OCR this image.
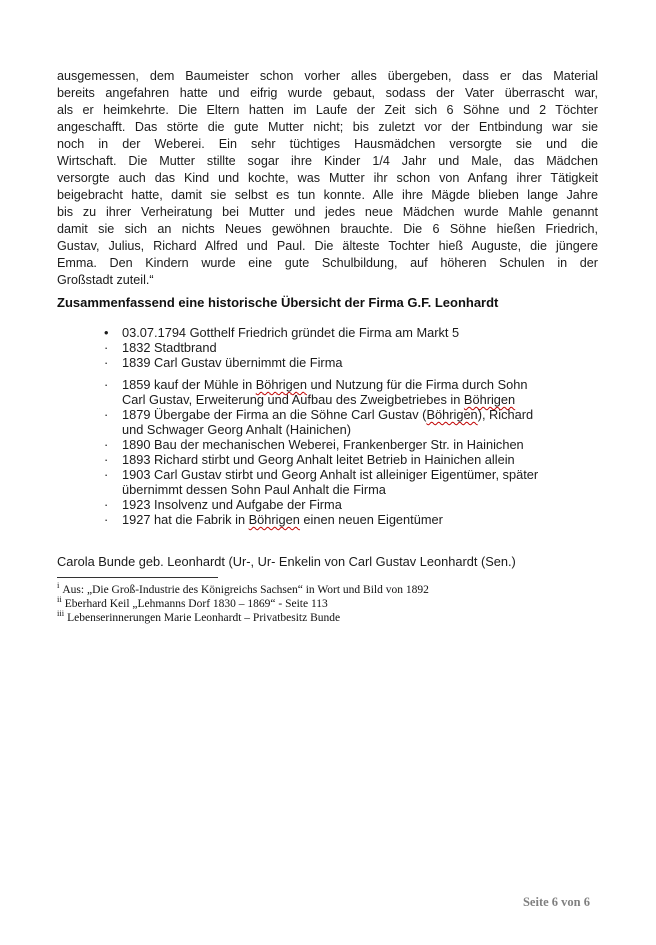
ausgemessen, dem Baumeister schon vorher alles übergeben, dass er das Material
bereits angefahren hatte und eifrig wurde gebaut, sodass der Vater überrascht war,
als er heimkehrte. Die Eltern hatten im Laufe der Zeit sich 6 Söhne und 2 Töchter
angeschafft. Das störte die gute Mutter nicht; bis zuletzt vor der Entbindung war sie
noch in der Weberei. Ein sehr tüchtiges Hausmädchen versorgte sie und die
Wirtschaft. Die Mutter stillte sogar ihre Kinder 1/4 Jahr und Male, das Mädchen
versorgte auch das Kind und kochte, was Mutter ihr schon von Anfang ihrer Tätigkeit
beigebracht hatte, damit sie selbst es tun konnte. Alle ihre Mägde blieben lange Jahre
bis zu ihrer Verheiratung bei Mutter und jedes neue Mädchen wurde Mahle genannt
damit sie sich an nichts Neues gewöhnen brauchte. Die 6 Söhne hießen Friedrich,
Gustav, Julius, Richard Alfred und Paul. Die älteste Tochter hieß Auguste, die jüngere
Emma. Den Kindern wurde eine gute Schulbildung, auf höheren Schulen in der
Großstadt zuteil.“
Zusammenfassend eine historische Übersicht der Firma G.F. Leonhardt
•	03.07.1794 Gotthelf Friedrich gründet die Firma am Markt 5
·	1832 Stadtbrand
·	1839 Carl Gustav übernimmt die Firma
·	1859 kauf der Mühle in Böhrigen und Nutzung für die Firma durch Sohn
Carl Gustav, Erweiterung und Aufbau des Zweigbetriebes in Böhrigen
·	1879 Übergabe der Firma an die Söhne Carl Gustav (Böhrigen), Richard
und Schwager Georg Anhalt (Hainichen)
·	1890 Bau der mechanischen Weberei, Frankenberger Str. in Hainichen
·	1893 Richard stirbt und Georg Anhalt leitet Betrieb in Hainichen allein
·	1903 Carl Gustav stirbt und Georg Anhalt ist alleiniger Eigentümer, später
übernimmt dessen Sohn Paul Anhalt die Firma
·	1923 Insolvenz und Aufgabe der Firma
·	1927 hat die Fabrik in Böhrigen einen neuen Eigentümer
Carola Bunde geb. Leonhardt (Ur-, Ur- Enkelin von Carl Gustav Leonhardt (Sen.)
$^i$ Aus: „Die Groß-Industrie des Königreichs Sachsen“ in Wort und Bild von 1892
$^{ii}$ Eberhard Keil „Lehmanns Dorf 1830 – 1869“ - Seite 113
$^{iii}$ Lebenserinnerungen Marie Leonhardt – Privatbesitz Bunde
Seite 6 von 6
